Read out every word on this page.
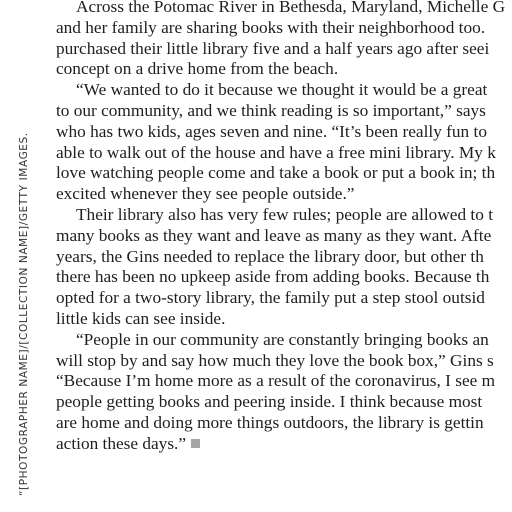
“[PHOTOGRAPHER NAME]/[COLLECTION NAME]/GETTY IMAGES.

Across the Potomac River in Bethesda, Maryland, Michelle G
and her family are sharing books with their neighborhood too.
purchased their little library five and a half years ago after seei
concept on a drive home from the beach.

“We wanted to do it because we thought it would be a great
to our community, and we think reading is so important,” says
who has two kids, ages seven and nine. “It’s been really fun to
able to walk out of the house and have a free mini library. My k
love watching people come and take a book or put a book in; th
excited whenever they see people outside.”

Their library also has very few rules; people are allowed to t
many books as they want and leave as many as they want. Afte
years, the Gins needed to replace the library door, but other th
there has been no upkeep aside from adding books. Because th
opted for a two-story library, the family put a step stool outsid
little kids can see inside.

“People in our community are constantly bringing books an
will stop by and say how much they love the book box,” Gins s
“Because I’m home more as a result of the coronavirus, I see m
people getting books and peering inside. I think because most
are home and doing more things outdoors, the library is gettin
action these days.”
